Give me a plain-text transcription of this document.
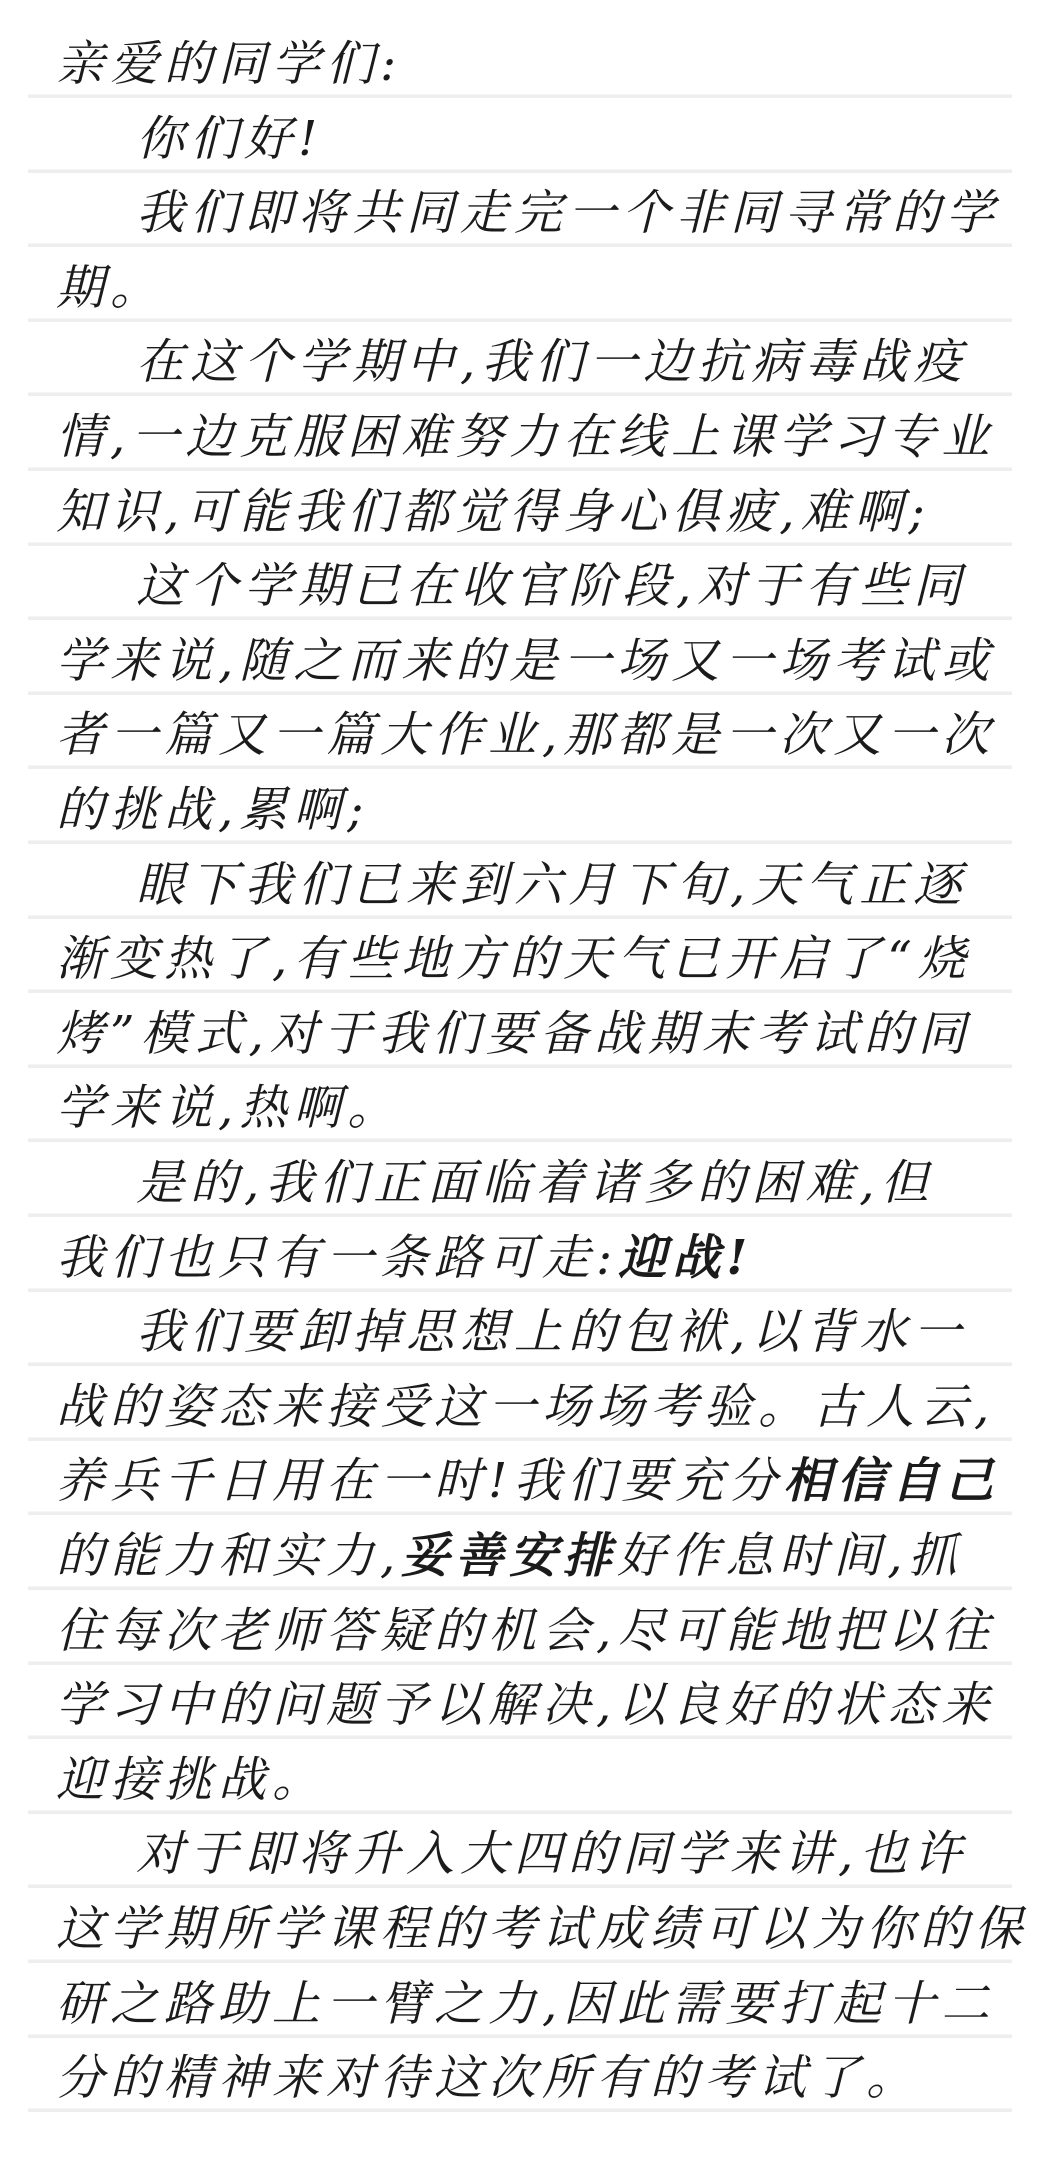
亲爱的同学们:
你们好!
我们即将共同走完一个非同寻常的学
期。
在这个学期中,我们一边抗病毒战疫
情,一边克服困难努力在线上课学习专业
知识,可能我们都觉得身心俱疲,难啊;
这个学期已在收官阶段,对于有些同
学来说,随之而来的是一场又一场考试或
者一篇又一篇大作业,那都是一次又一次
的挑战,累啊;
眼下我们已来到六月下旬,天气正逐
渐变热了,有些地方的天气已开启了“烧
烤”模式,对于我们要备战期末考试的同
学来说,热啊。
是的,我们正面临着诸多的困难,但
我们也只有一条路可走:迎战!
我们要卸掉思想上的包袱,以背水一
战的姿态来接受这一场场考验。古人云,
养兵千日用在一时!我们要充分相信自己
的能力和实力,妥善安排好作息时间,抓
住每次老师答疑的机会,尽可能地把以往
学习中的问题予以解决,以良好的状态来
迎接挑战。
对于即将升入大四的同学来讲,也许
这学期所学课程的考试成绩可以为你的保
研之路助上一臂之力,因此需要打起十二
分的精神来对待这次所有的考试了。
